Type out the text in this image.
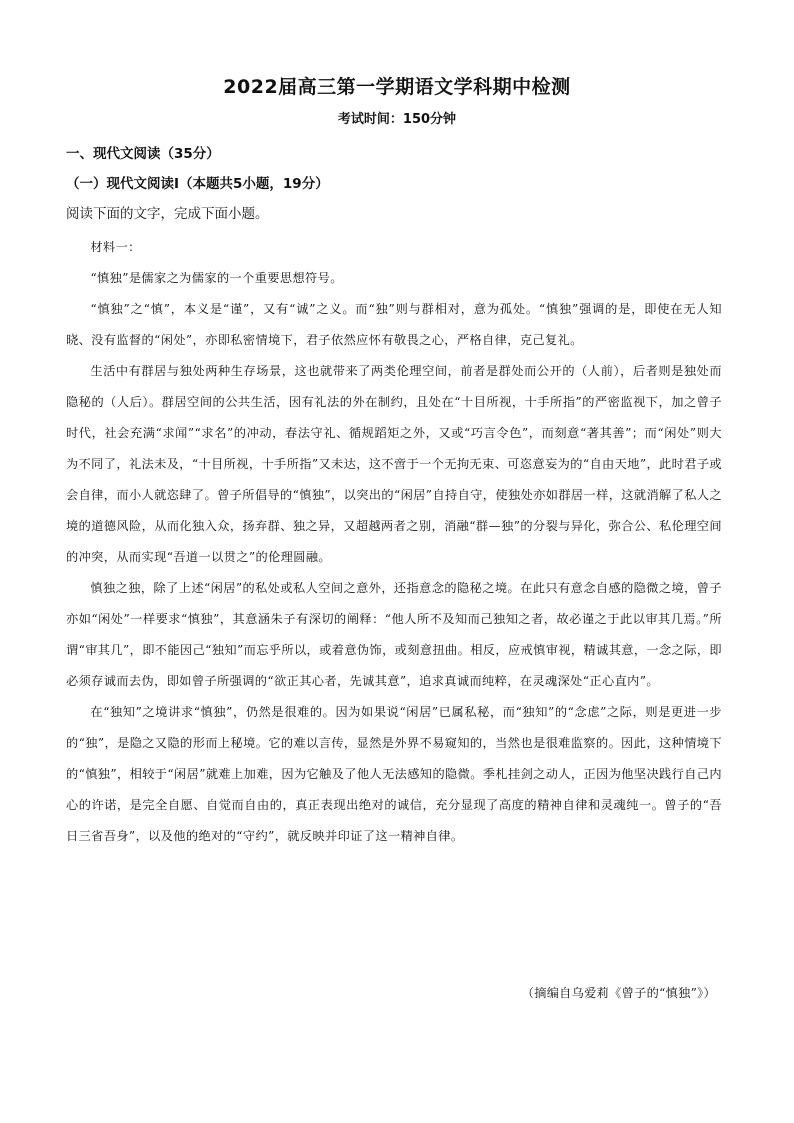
2022届高三第一学期语文学科期中检测
考试时间：150分钟
一、现代文阅读（35分）
（一）现代文阅读Ⅰ（本题共5小题，19分）
阅读下面的文字，完成下面小题。

材料一：

“慎独”是儒家之为儒家的一个重要思想符号。

“慎独”之“慎”，本义是“谨”，又有“诚”之义。而“独”则与群相对，意为孤处。“慎独”强调的是，即使在无人知晓、没有监督的“闲处”，亦即私密情境下，君子依然应怀有敬畏之心，严格自律，克己复礼。

生活中有群居与独处两种生存场景，这也就带来了两类伦理空间，前者是群处而公开的（人前），后者则是独处而隐秘的（人后）。群居空间的公共生活，因有礼法的外在制约，且处在“十目所视，十手所指”的严密监视下，加之曾子时代，社会充满“求闻”“求名”的冲动，春法守礼、循规蹈矩之外，又或“巧言令色”，而刻意“著其善”；而“闲处”则大为不同了，礼法未及，“十目所视，十手所指”又未达，这不啻于一个无拘无束、可恣意妄为的“自由天地”，此时君子或会自律，而小人就恣肆了。曾子所倡导的“慎独”，以突出的“闲居”自持自守，使独处亦如群居一样，这就消解了私人之境的道德风险，从而化独入众，扬弃群、独之异，又超越两者之别，消融“群—独”的分裂与异化，弥合公、私伦理空间的冲突，从而实现“吾道一以贯之”的伦理圆融。

慎独之独，除了上述“闲居”的私处或私人空间之意外，还指意念的隐秘之境。在此只有意念自感的隐微之境，曾子亦如“闲处”一样要求“慎独”，其意涵朱子有深切的阐释：“他人所不及知而己独知之者，故必谨之于此以审其几焉。”所谓“审其几”，即不能因己“独知”而忘乎所以，或着意伪饰，或刻意扭曲。相反，应戒慎审视，精诚其意，一念之际，即必须存诚而去伪，即如曾子所强调的“欲正其心者，先诚其意”，追求真诚而纯粹，在灵魂深处“正心直内”。

在“独知”之境讲求“慎独”，仍然是很难的。因为如果说“闲居”已属私秘，而“独知”的“念虑”之际，则是更进一步的“独”，是隐之又隐的形而上秘境。它的难以言传，显然是外界不易窥知的，当然也是很难监察的。因此，这种情境下的“慎独”，相较于“闲居”就难上加难，因为它触及了他人无法感知的隐微。季札挂剑之动人，正因为他坚决践行自己内心的许诺，是完全自愿、自觉而自由的，真正表现出绝对的诚信，充分显现了高度的精神自律和灵魂纯一。曾子的“吾日三省吾身”，以及他的绝对的“守约”，就反映并印证了这一精神自律。

（摘编自乌爱莉《曾子的“慎独”》）
